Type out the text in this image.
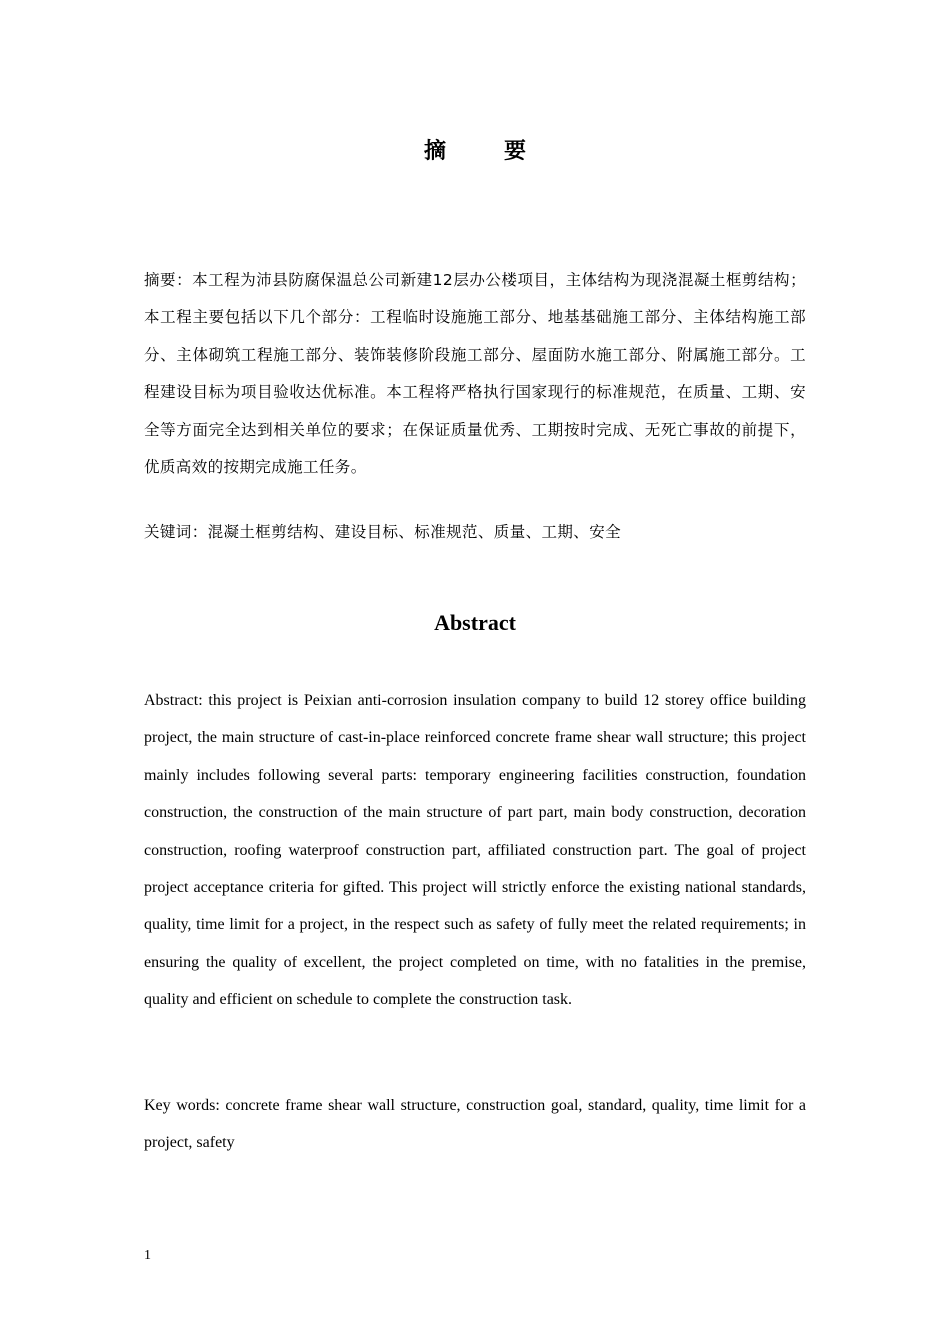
摘要
摘要：本工程为沛县防腐保温总公司新建12层办公楼项目，主体结构为现浇混凝土框剪结构；本工程主要包括以下几个部分：工程临时设施施工部分、地基基础施工部分、主体结构施工部分、主体砌筑工程施工部分、装饰装修阶段施工部分、屋面防水施工部分、附属施工部分。工程建设目标为项目验收达优标准。本工程将严格执行国家现行的标准规范，在质量、工期、安全等方面完全达到相关单位的要求；在保证质量优秀、工期按时完成、无死亡事故的前提下，优质高效的按期完成施工任务。
关键词：混凝土框剪结构、建设目标、标准规范、质量、工期、安全
Abstract
Abstract: this project is Peixian anti-corrosion insulation company to build 12 storey office building project, the main structure of cast-in-place reinforced concrete frame shear wall structure; this project mainly includes following several parts: temporary engineering facilities construction, foundation construction, the construction of the main structure of part part, main body construction, decoration construction, roofing waterproof construction part, affiliated construction part. The goal of project project acceptance criteria for gifted. This project will strictly enforce the existing national standards, quality, time limit for a project, in the respect such as safety of fully meet the related requirements; in ensuring the quality of excellent, the project completed on time, with no fatalities in the premise, quality and efficient on schedule to complete the construction task.
Key words: concrete frame shear wall structure, construction goal, standard, quality, time limit for a project, safety
1
